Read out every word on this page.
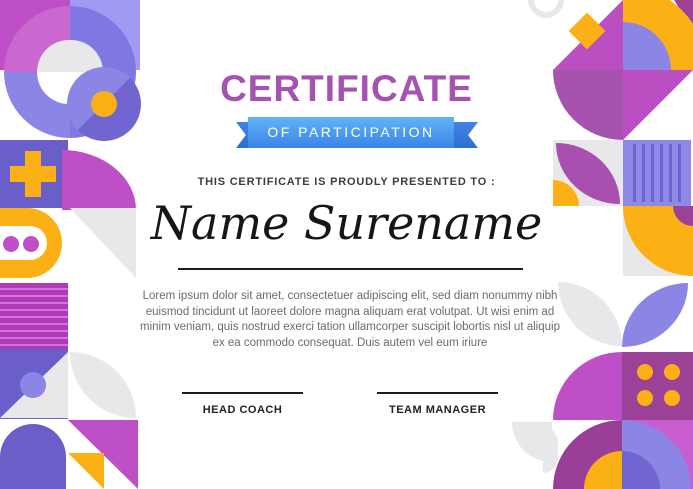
CERTIFICATE
OF PARTICIPATION
THIS CERTIFICATE IS PROUDLY PRESENTED TO :
Name Surename
Lorem ipsum dolor sit amet, consectetuer adipiscing elit, sed diam nonummy nibh euismod tincidunt ut laoreet dolore magna aliquam erat volutpat. Ut wisi enim ad minim veniam, quis nostrud exerci tation ullamcorper suscipit lobortis nisl ut aliquip ex ea commodo consequat. Duis autem vel eum iriure
HEAD COACH	TEAM MANAGER
